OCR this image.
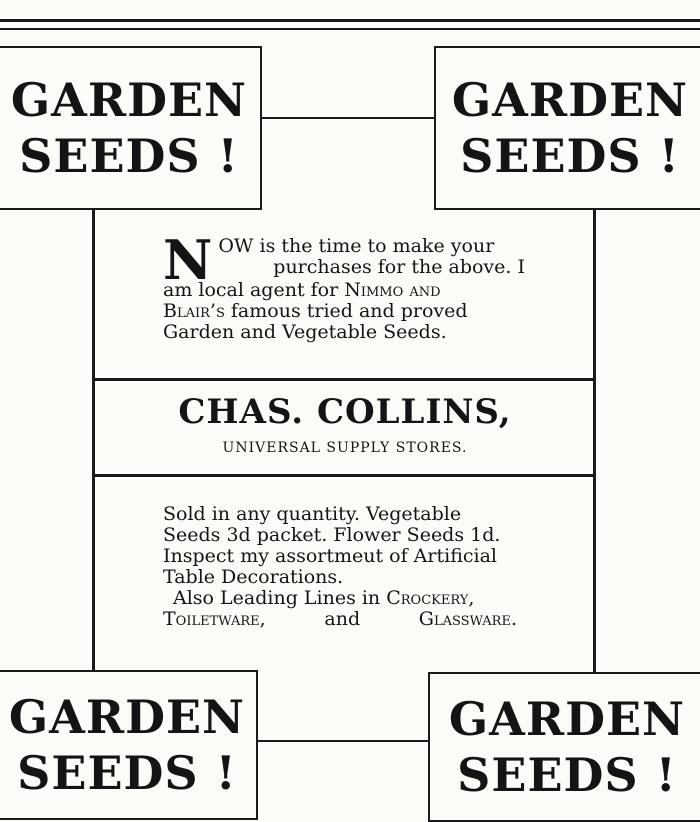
GARDEN
SEEDS !
GARDEN
SEEDS !
GARDEN
SEEDS !
GARDEN
SEEDS !
N OW is the time to make your
purchases for the above. I
am local agent for Nimmo and
Blair’s famous tried and proved
Garden and Vegetable Seeds.
CHAS. COLLINS,
UNIVERSAL SUPPLY STORES.
Sold in any quantity. Vegetable
Seeds 3d packet. Flower Seeds 1d.
Inspect my assortmeut of Artificial
Table Decorations.
Also Leading Lines in Crockery,
Toiletware,	and	Glassware.
